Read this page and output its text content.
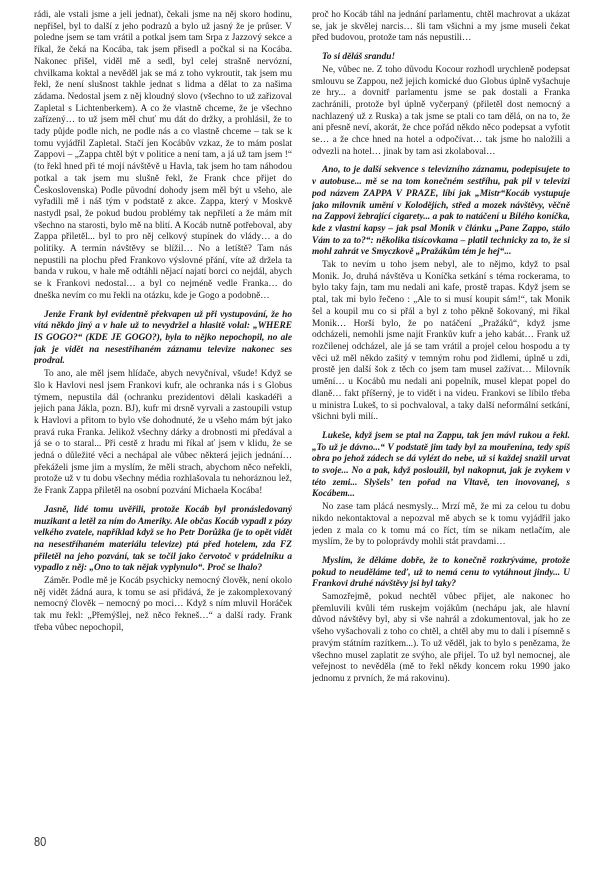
rádi, ale vstali jsme a jeli jednat), čekali jsme na něj skoro hodinu, nepřišel, byl to další z jeho podrazů a bylo už jasný že je průser. V poledne jsem se tam vrátil a potkal jsem tam Srpa z Jazzový sekce a říkal, že čeká na Kocába, tak jsem přisedl a počkal si na Kocába. Nakonec přišel, viděl mě a sedl, byl celej strašně nervózní, chvilkama koktal a nevěděl jak se má z toho vykroutit, tak jsem mu řekl, že není slušnost takhle jednat s lidma a dělat to za našima zádama. Nedostal jsem z něj kloudný slovo (všechno to už zařizoval Zapletal s Lichtenberkem). A co že vlastně chceme, že je všechno zařízený… to už jsem měl chuť mu dát do držky, a prohlásil, že to tady půjde podle nich, ne podle nás a co vlastně chceme – tak se k tomu vyjádřil Zapletal. Stačí jen Kocábův vzkaz, že to mám poslat Zappovi – „Zappa chtěl být v politice a není tam, a já už tam jsem !“ (to řekl hned při té mojí návštěvě u Havla, tak jsem ho tam náhodou potkal a tak jsem mu slušně řekl, že Frank chce přijet do Československa) Podle původní dohody jsem měl být u všeho, ale vyřadili mě i náš tým v podstatě z akce. Zappa, který v Moskvě nastydl psal, že pokud budou problémy tak nepřiletí a že mám mít všechno na starosti, bylo mě na blití. A Kocáb nutně potřeboval, aby Zappa přiletěl... byl to pro něj celkový stupínek do vlády… a do politiky. A termín návštěvy se blížil… No a letíště? Tam nás nepustili na plochu před Frankovo výslovné přání, víte až držela ta banda v rukou, v hale mě odtáhli nějací najatí borci co nejdál, abych se k Frankovi nedostal… a byl co nejméně vedle Franka… do dneška nevím co mu řekli na otázku, kde je Gogo a podobně…

Jenže Frank byl evidentně překvapen už při vystupování, že ho vítá někdo jiný a v hale už to nevydržel a hlasitě volal: „WHERE IS GOGO?“ (KDE JE GOGO?), byla to nějko nepochopil, no ale jak je vidět na nesestříhaném záznamu televize nakonec ses prodral.

To ano, ale měl jsem hlídače, abych nevyčníval, všude! Když se šlo k Havlovi nesl jsem Frankovi kufr, ale ochranka nás i s Globus týmem, nepustila dál (ochranku prezidentovi dělali kaskadéři a jejich pana Jákla, pozn. BJ), kufr mi drsně vyrvali a zastoupili vstup k Havlovi a přitom to bylo vše dohodnuté, že u všeho mám být jako pravá ruka Franka. Jelikož všechny dárky a drobnosti mi předával a já se o to staral... Při cestě z hradu mi říkal ať jsem v klidu, že se jedná o důležité věci a nechápal ale vůbec některá jejich jednání… překáželi jsme jim a myslím, že měli strach, abychom něco neřekli, protože už v tu dobu všechny média rozhlašovala tu nehoráznou lež, že Frank Zappa přiletěl na osobní pozvání Michaela Kocába!

Jasně, lidé tomu uvěřili, protože Kocáb byl pronásledovaný muzikant a letěl za ním do Ameriky. Ale občas Kocáb vypadl z pózy velkého zvatele, například když se ho Petr Dorůžka (je to opět vidět na nesestříhaném materiálu televize) ptá před hotelem, zda FZ přiletěl na jeho pozvání, tak se točil jako červotoč v prádelníku a vypadlo z něj: „Ono to tak nějak vyplynulo“. Proč se lhalo?

Záměr. Podle mě je Kocáb psychicky nemocný člověk, není okolo něj vidět žádná aura, k tomu se asi přidává, že je zakomplexovaný nemocný člověk – nemocný po moci… Když s ním mluvil Horáček tak mu řekl: „Přemýšlej, než něco řekneš…“ a další rady. Frank třeba vůbec nepochopil,

proč ho Kocáb táhl na jednání parlamentu, chtěl machrovat a ukázat se, jak je skvělej narcis… šli tam všichni a my jsme museli čekat před budovou, protože tam nás nepustili…

To si děláš srandu!

Ne, vůbec ne. Z toho důvodu Kocour rozhodl urychleně podepsat smlouvu se Zappou, než jejich komické duo Globus úplně vyšachuje ze hry... a dovnitř parlamentu jsme se pak dostali a Franka zachránili, protože byl úplně vyčerpaný (přiletěl dost nemocný a nachlazený už z Ruska) a tak jsme se ptali co tam dělá, on na to, že ani přesně neví, akorát, že chce pořád někdo něco podepsat a vyfotit se… a že chce hned na hotel a odpočívat… tak jsme ho naložili a odvezli na hotel… jinak by tam asi zkolaboval…

Ano, to je další sekvence s televizního záznamu, podepisujete to v autobuse... mě se na tom konečném sestříhu, pak pil v televizi pod názvem ZAPPA V PRAZE, líbí jak „Mistr“Kocáb vystupuje jako milovník umění v Kolodějích, střed a mozek návštěvy, věčně na Zappovi žebrající cigarety... a pak to natáčení u Bílého koníčka, kde z vlastní kapsy – jak psal Monik v článku „Pane Zappo, stálo Vám to za to?“: několika tisícovkama – platil technicky za to, že si mohl zahrát ve Smyczkově „Pražákům tém je hej“...

Tak to nevím u toho jsem nebyl, ale to nějmo, když to psal Monik. Jo, druhá návštěva u Koníčka setkání s téma rockerama, to bylo taky fajn, tam mu nedali ani kafe, prostě trapas. Když jsem se ptal, tak mi bylo řečeno : „Ale to si musí koupit sám!“, tak Monik šel a koupil mu co si přál a byl z toho pěkně šokovaný, mi říkal Monik… Horší bylo, že po natáčení „Pražáků“, když jsme odcházeli, nemohli jsme najít Frankův kufr a jeho kabát… Frank už rozčilenej odcházel, ale já se tam vrátil a projel celou hospodu a ty věci už měl někdo zašitý v temným rohu pod židlemi, úplně u zdi, prostě jen další šok z těch co jsem tam musel zažívat… Milovník umění… u Kocábů mu nedali ani popelník, musel klepat popel do dlaně… fakt příšerný, je to vidět i na videu. Frankovi se líbilo třeba u ministra Lukeš, to si pochvaloval, a taky další neformální setkání, všichni byli milí..

Lukeše, když jsem se ptal na Zappu, tak jen mávl rukou a řekl. „To už je dávno...“ V podstatě jim tady byl za mouřenína, tedy spíš obra po jehož zádech se dá vylézt do nebe, už si každej snažil urvat to svoje... No a pak, když posloužil, byl nakopnut, jak je zvykem v této zemi... Slyšels’ ten pořad na Vltavě, ten inovovanej, s Kocábem...

No zase tam plácá nesmysly... Mrzí mě, že mi za celou tu dobu nikdo nekontaktoval a nepozval mě abych se k tomu vyjádřil jako jeden z mala co k tomu má co říct, tím se nikam netlačím, ale myslím, že by to poloprávdy mohli stát pravdami…

Myslím, že děláme dobře, že to konečně rozkrýváme, protože pokud to neuděláme teď, už to nemá cenu to vytáhnout jindy... U Frankovi druhé návštěvy jsi byl taky?

Samozřejmě, pokud nechtěl vůbec přijet, ale nakonec ho přemluvili kvůli tém ruskejm vojákům (nechápu jak, ale hlavní důvod návštěvy byl, aby si vše nahrál a zdokumentoval, jak ho ze všeho vyšachovali z toho co chtěl, a chtěl aby mu to dali i písemně s pravým státním razítkem...). To už věděl, jak to bylo s penězama, že všechno musel zaplatit ze svýho, ale přijel. To už byl nemocnej, ale veřejnost to nevěděla (mě to řekl někdy koncem roku 1990 jako jednomu z prvních, že má rakovinu).

80
